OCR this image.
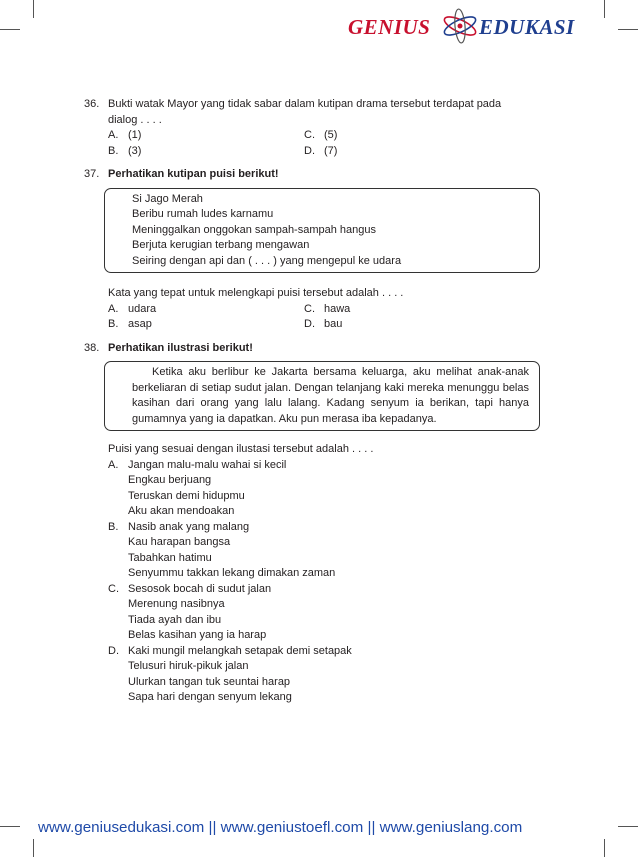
GENIUS EDUKASI
36. Bukti watak Mayor yang tidak sabar dalam kutipan drama tersebut terdapat pada dialog . . . .
A. (1)	C. (5)
B. (3)	D. (7)
37. Perhatikan kutipan puisi berikut!
Si Jago Merah
Beribu rumah ludes karnamu
Meninggalkan onggokan sampah-sampah hangus
Berjuta kerugian terbang mengawan
Seiring dengan api dan ( . . . ) yang mengepul ke udara
Kata yang tepat untuk melengkapi puisi tersebut adalah . . . .
A. udara	C. hawa
B. asap	D. bau
38. Perhatikan ilustrasi berikut!
Ketika aku berlibur ke Jakarta bersama keluarga, aku melihat anak-anak berkeliaran di setiap sudut jalan. Dengan telanjang kaki mereka menunggu belas kasihan dari orang yang lalu lalang. Kadang senyum ia berikan, tapi hanya gumamnya yang ia dapatkan. Aku pun merasa iba kepadanya.
Puisi yang sesuai dengan ilustasi tersebut adalah . . . .
A. Jangan malu-malu wahai si kecil
Engkau berjuang
Teruskan demi hidupmu
Aku akan mendoakan
B. Nasib anak yang malang
Kau harapan bangsa
Tabahkan hatimu
Senyummu takkan lekang dimakan zaman
C. Sesosok bocah di sudut jalan
Merenung nasibnya
Tiada ayah dan ibu
Belas kasihan yang ia harap
D. Kaki mungil melangkah setapak demi setapak
Telusuri hiruk-pikuk jalan
Ulurkan tangan tuk seuntai harap
Sapa hari dengan senyum lekang
www.geniusedukasi.com || www.geniustoefl.com || www.geniuslang.com
